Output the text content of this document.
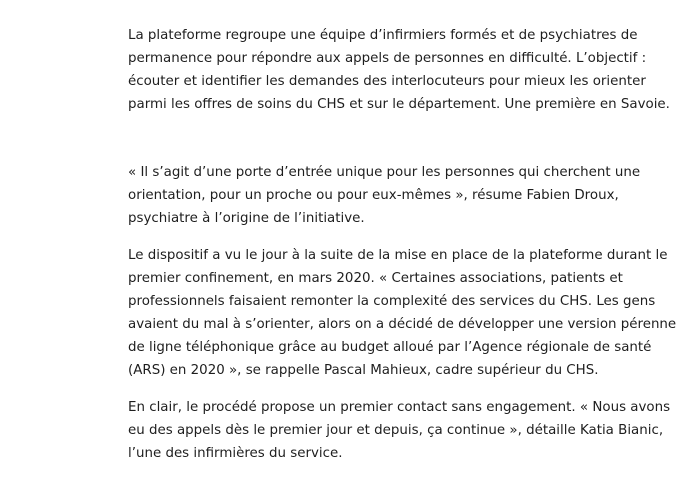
La plateforme regroupe une équipe d’infirmiers formés et de psychiatres de
permanence pour répondre aux appels de personnes en difficulté. L’objectif :
écouter et identifier les demandes des interlocuteurs pour mieux les orienter
parmi les offres de soins du CHS et sur le département. Une première en Savoie.

« Il s’agit d’une porte d’entrée unique pour les personnes qui cherchent une
orientation, pour un proche ou pour eux-mêmes », résume Fabien Droux,
psychiatre à l’origine de l’initiative.

Le dispositif a vu le jour à la suite de la mise en place de la plateforme durant le
premier confinement, en mars 2020. « Certaines associations, patients et
professionnels faisaient remonter la complexité des services du CHS. Les gens
avaient du mal à s’orienter, alors on a décidé de développer une version pérenne
de ligne téléphonique grâce au budget alloué par l’Agence régionale de santé
(ARS) en 2020 », se rappelle Pascal Mahieux, cadre supérieur du CHS.

En clair, le procédé propose un premier contact sans engagement. « Nous avons
eu des appels dès le premier jour et depuis, ça continue », détaille Katia Bianic,
l’une des infirmières du service.
